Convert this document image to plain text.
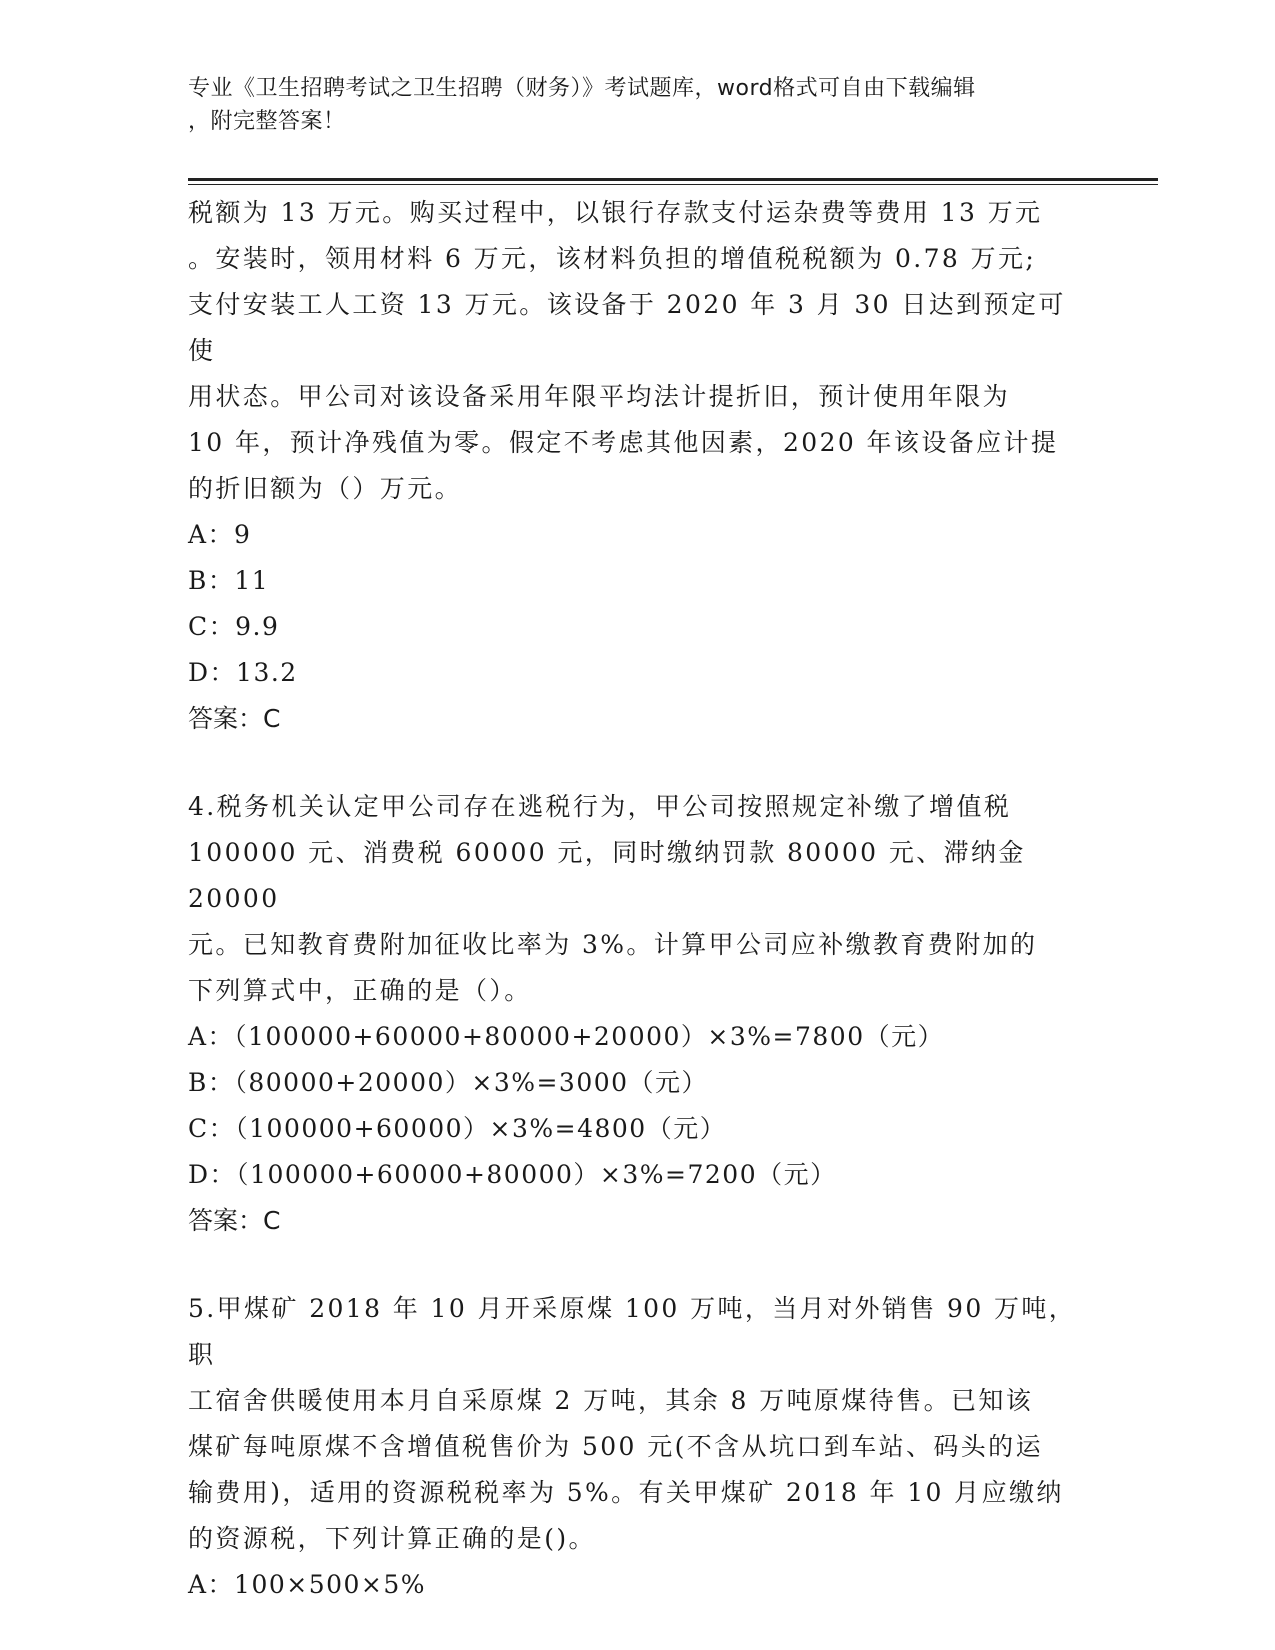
专业《卫生招聘考试之卫生招聘（财务）》考试题库，word格式可自由下载编辑
，附完整答案！

税额为 13 万元。购买过程中，以银行存款支付运杂费等费用 13 万元

。安装时，领用材料 6 万元，该材料负担的增值税税额为 0.78 万元;

支付安装工人工资 13 万元。该设备于 2020 年 3 月 30 日达到预定可使

用状态。甲公司对该设备采用年限平均法计提折旧，预计使用年限为

10 年，预计净残值为零。假定不考虑其他因素，2020 年该设备应计提

的折旧额为（）万元。

A：9

B：11

C：9.9

D：13.2

答案：C

4.税务机关认定甲公司存在逃税行为，甲公司按照规定补缴了增值税

100000 元、消费税 60000 元，同时缴纳罚款 80000 元、滞纳金 20000

元。已知教育费附加征收比率为 3%。计算甲公司应补缴教育费附加的

下列算式中，正确的是（）。

A：（100000+60000+80000+20000）×3%=7800（元）

B：（80000+20000）×3%=3000（元）

C：（100000+60000）×3%=4800（元）

D：（100000+60000+80000）×3%=7200（元）

答案：C

5.甲煤矿 2018 年 10 月开采原煤 100 万吨，当月对外销售 90 万吨，职

工宿舍供暖使用本月自采原煤 2 万吨，其余 8 万吨原煤待售。已知该

煤矿每吨原煤不含增值税售价为 500 元(不含从坑口到车站、码头的运

输费用)，适用的资源税税率为 5%。有关甲煤矿 2018 年 10 月应缴纳

的资源税，下列计算正确的是()。

A：100×500×5%
